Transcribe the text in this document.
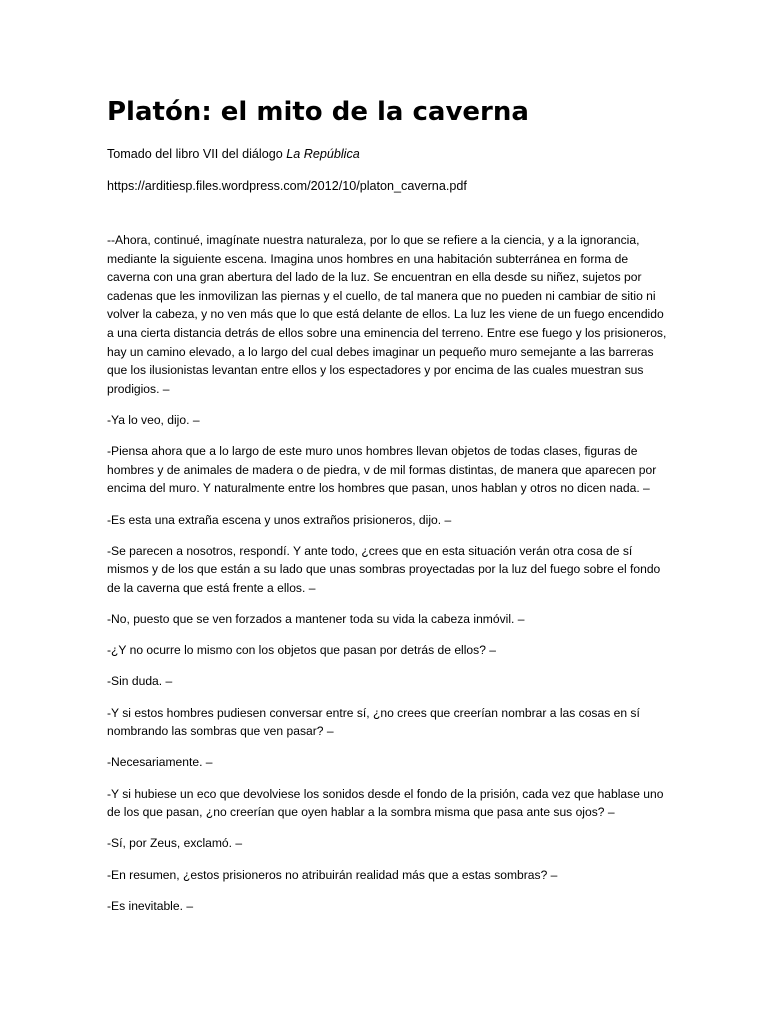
Platón: el mito de la caverna

Tomado del libro VII del diálogo La República

https://arditiesp.files.wordpress.com/2012/10/platon_caverna.pdf

--Ahora, continué, imagínate nuestra naturaleza, por lo que se refiere a la ciencia, y a la ignorancia, mediante la siguiente escena. Imagina unos hombres en una habitación subterránea en forma de caverna con una gran abertura del lado de la luz. Se encuentran en ella desde su niñez, sujetos por cadenas que les inmovilizan las piernas y el cuello, de tal manera que no pueden ni cambiar de sitio ni volver la cabeza, y no ven más que lo que está delante de ellos. La luz les viene de un fuego encendido a una cierta distancia detrás de ellos sobre una eminencia del terreno. Entre ese fuego y los prisioneros, hay un camino elevado, a lo largo del cual debes imaginar un pequeño muro semejante a las barreras que los ilusionistas levantan entre ellos y los espectadores y por encima de las cuales muestran sus prodigios. –

-Ya lo veo, dijo. –

-Piensa ahora que a lo largo de este muro unos hombres llevan objetos de todas clases, figuras de hombres y de animales de madera o de piedra, v de mil formas distintas, de manera que aparecen por encima del muro. Y naturalmente entre los hombres que pasan, unos hablan y otros no dicen nada. –

-Es esta una extraña escena y unos extraños prisioneros, dijo. –

-Se parecen a nosotros, respondí. Y ante todo, ¿crees que en esta situación verán otra cosa de sí mismos y de los que están a su lado que unas sombras proyectadas por la luz del fuego sobre el fondo de la caverna que está frente a ellos. –

-No, puesto que se ven forzados a mantener toda su vida la cabeza inmóvil. –

-¿Y no ocurre lo mismo con los objetos que pasan por detrás de ellos? –

-Sin duda. –

-Y si estos hombres pudiesen conversar entre sí, ¿no crees que creerían nombrar a las cosas en sí nombrando las sombras que ven pasar? –

-Necesariamente. –

-Y si hubiese un eco que devolviese los sonidos desde el fondo de la prisión, cada vez que hablase uno de los que pasan, ¿no creerían que oyen hablar a la sombra misma que pasa ante sus ojos? –

-Sí, por Zeus, exclamó. –

-En resumen, ¿estos prisioneros no atribuirán realidad más que a estas sombras? –

-Es inevitable. –
